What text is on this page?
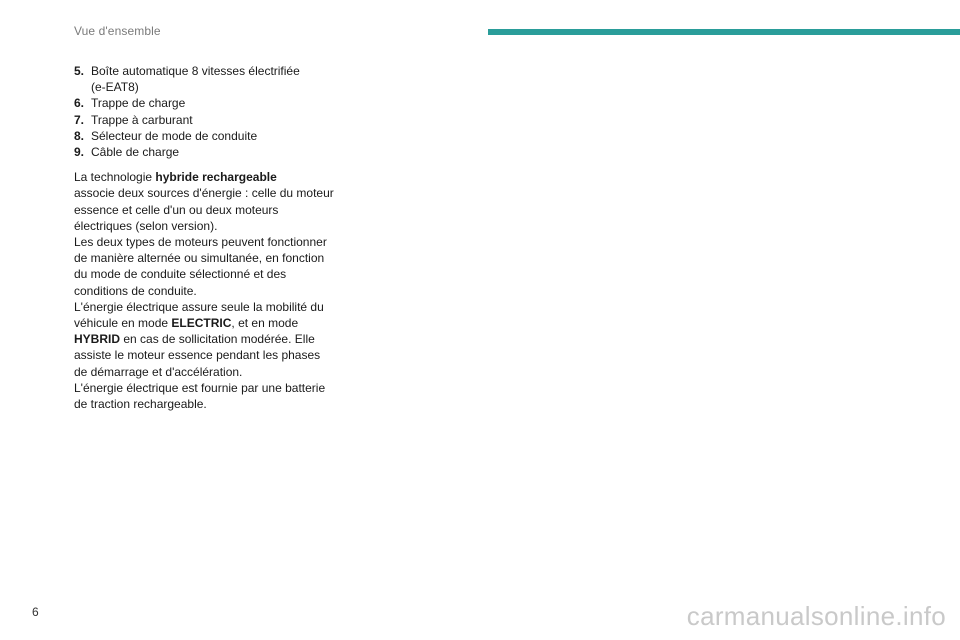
Vue d'ensemble
5. Boîte automatique 8 vitesses électrifiée
(e-EAT8)
6. Trappe de charge
7. Trappe à carburant
8. Sélecteur de mode de conduite
9. Câble de charge

La technologie hybride rechargeable
associe deux sources d'énergie : celle du moteur essence et celle d'un ou deux moteurs électriques (selon version).
Les deux types de moteurs peuvent fonctionner de manière alternée ou simultanée, en fonction du mode de conduite sélectionné et des conditions de conduite.
L'énergie électrique assure seule la mobilité du véhicule en mode ELECTRIC, et en mode
HYBRID en cas de sollicitation modérée. Elle assiste le moteur essence pendant les phases de démarrage et d'accélération.
L'énergie électrique est fournie par une batterie de traction rechargeable.

6	carmanualsonline.info
